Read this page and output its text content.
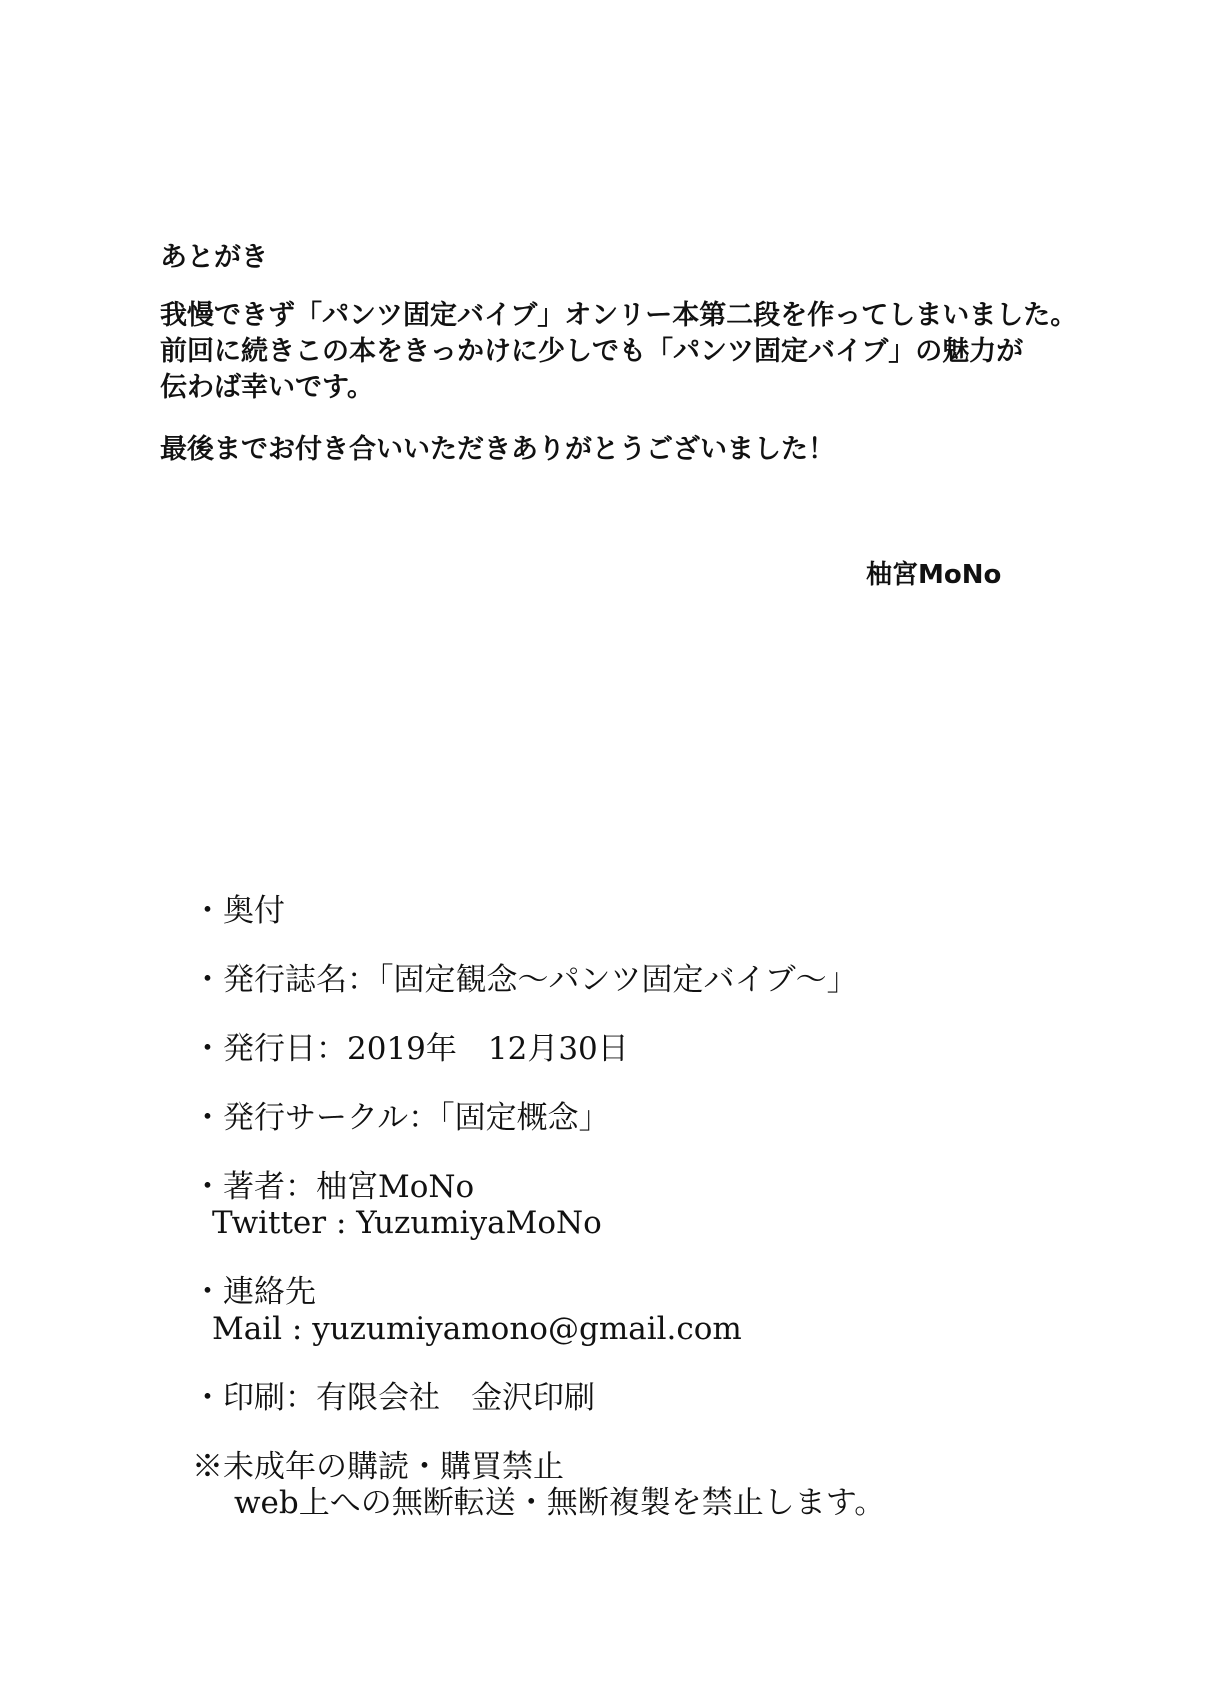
あとがき
我慢できず「パンツ固定バイブ」オンリー本第二段を作ってしまいました。
前回に続きこの本をきっかけに少しでも「パンツ固定バイブ」の魅力が
伝わば幸いです。
最後までお付き合いいただきありがとうございました！
柚宮MoNo
・奥付
・発行誌名：「固定観念～パンツ固定バイブ～」
・発行日：2019年　12月30日
・発行サークル：「固定概念」
・著者：柚宮MoNo
Twitter : YuzumiyaMoNo
・連絡先
Mail : yuzumiyamono@gmail.com
・印刷：有限会社　金沢印刷
※未成年の購読・購買禁止
web上への無断転送・無断複製を禁止します。
